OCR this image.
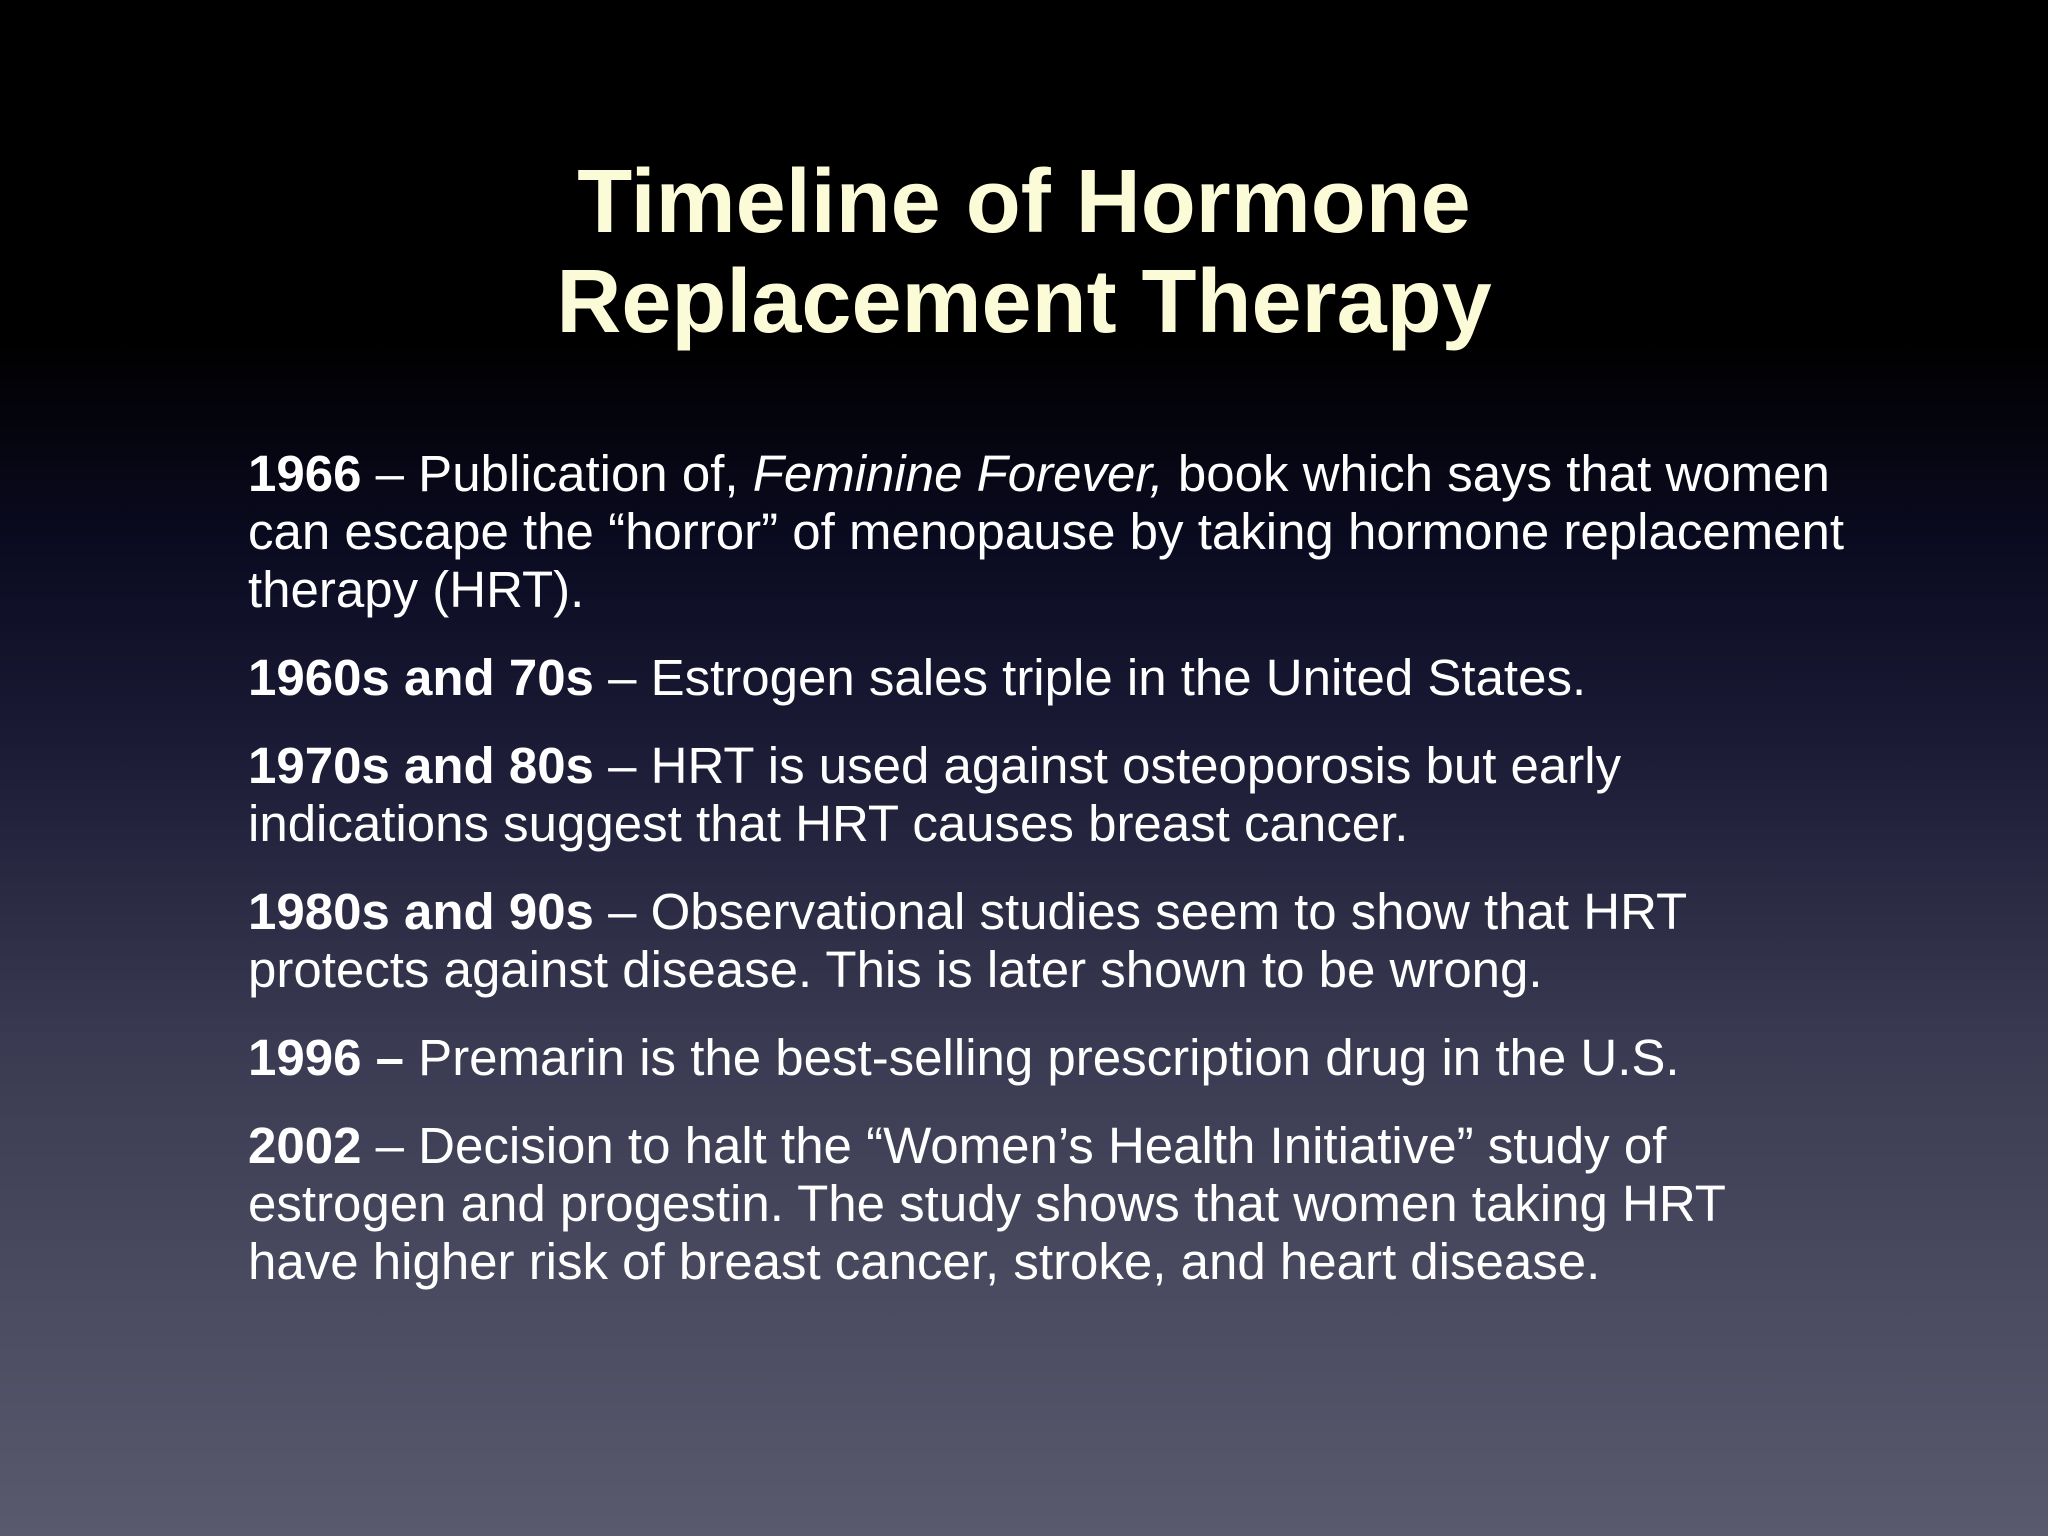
Timeline of Hormone
Replacement Therapy
1966 – Publication of, Feminine Forever, book which says that women can escape the “horror” of menopause by taking hormone replacement therapy (HRT).
1960s and 70s – Estrogen sales triple in the United States.
1970s and 80s – HRT is used against osteoporosis but early indications suggest that HRT causes breast cancer.
1980s and 90s – Observational studies seem to show that HRT protects against disease. This is later shown to be wrong.
1996 – Premarin is the best-selling prescription drug in the U.S.
2002 – Decision to halt the “Women’s Health Initiative” study of estrogen and progestin. The study shows that women taking HRT have higher risk of breast cancer, stroke, and heart disease.
